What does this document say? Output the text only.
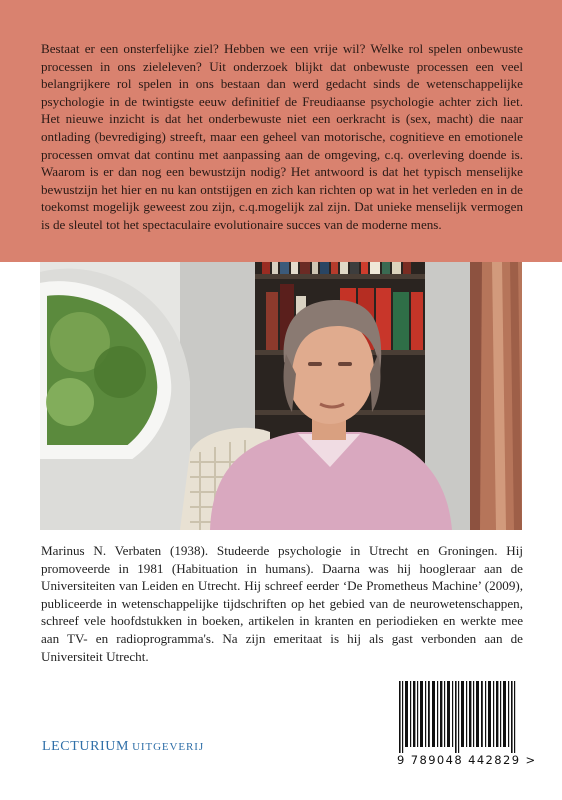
Bestaat er een onsterfelijke ziel? Hebben we een vrije wil? Welke rol spelen onbewuste processen in ons zieleleven? Uit onderzoek blijkt dat onbewuste processen een veel belangrijkere rol spelen in ons bestaan dan werd gedacht sinds de wetenschappelijke psychologie in de twintigste eeuw definitief de Freudiaanse psychologie achter zich liet. Het nieuwe inzicht is dat het onderbewuste niet een oerkracht is (sex, macht) die naar ontlading (bevrediging) streeft, maar een geheel van motorische, cognitieve en emotionele processen omvat dat continu met aanpassing aan de omgeving, c.q. overleving doende is. Waarom is er dan nog een bewustzijn nodig? Het antwoord is dat het typisch menselijke bewustzijn het hier en nu kan ontstijgen en zich kan richten op wat in het verleden en in de toekomst mogelijk geweest zou zijn, c.q.mogelijk zal zijn. Dat unieke menselijk vermogen is de sleutel tot het spectaculaire evolutionaire succes van de moderne mens.

Marinus N. Verbaten (1938). Studeerde psychologie in Utrecht en Groningen. Hij promoveerde in 1981 (Habituation in humans). Daarna was hij hoogleraar aan de Universiteiten van Leiden en Utrecht. Hij schreef eerder ‘De Prometheus Machine’ (2009), publiceerde in wetenschappelijke tijdschriften op het gebied van de neurowetenschappen, schreef vele hoofdstukken in boeken, artikelen in kranten en periodieken en werkte mee aan TV- en radioprogramma's. Na zijn emeritaat is hij als gast verbonden aan de Universiteit Utrecht.

LECTURIUM UITGEVERIJ
9 789048 442829 >
